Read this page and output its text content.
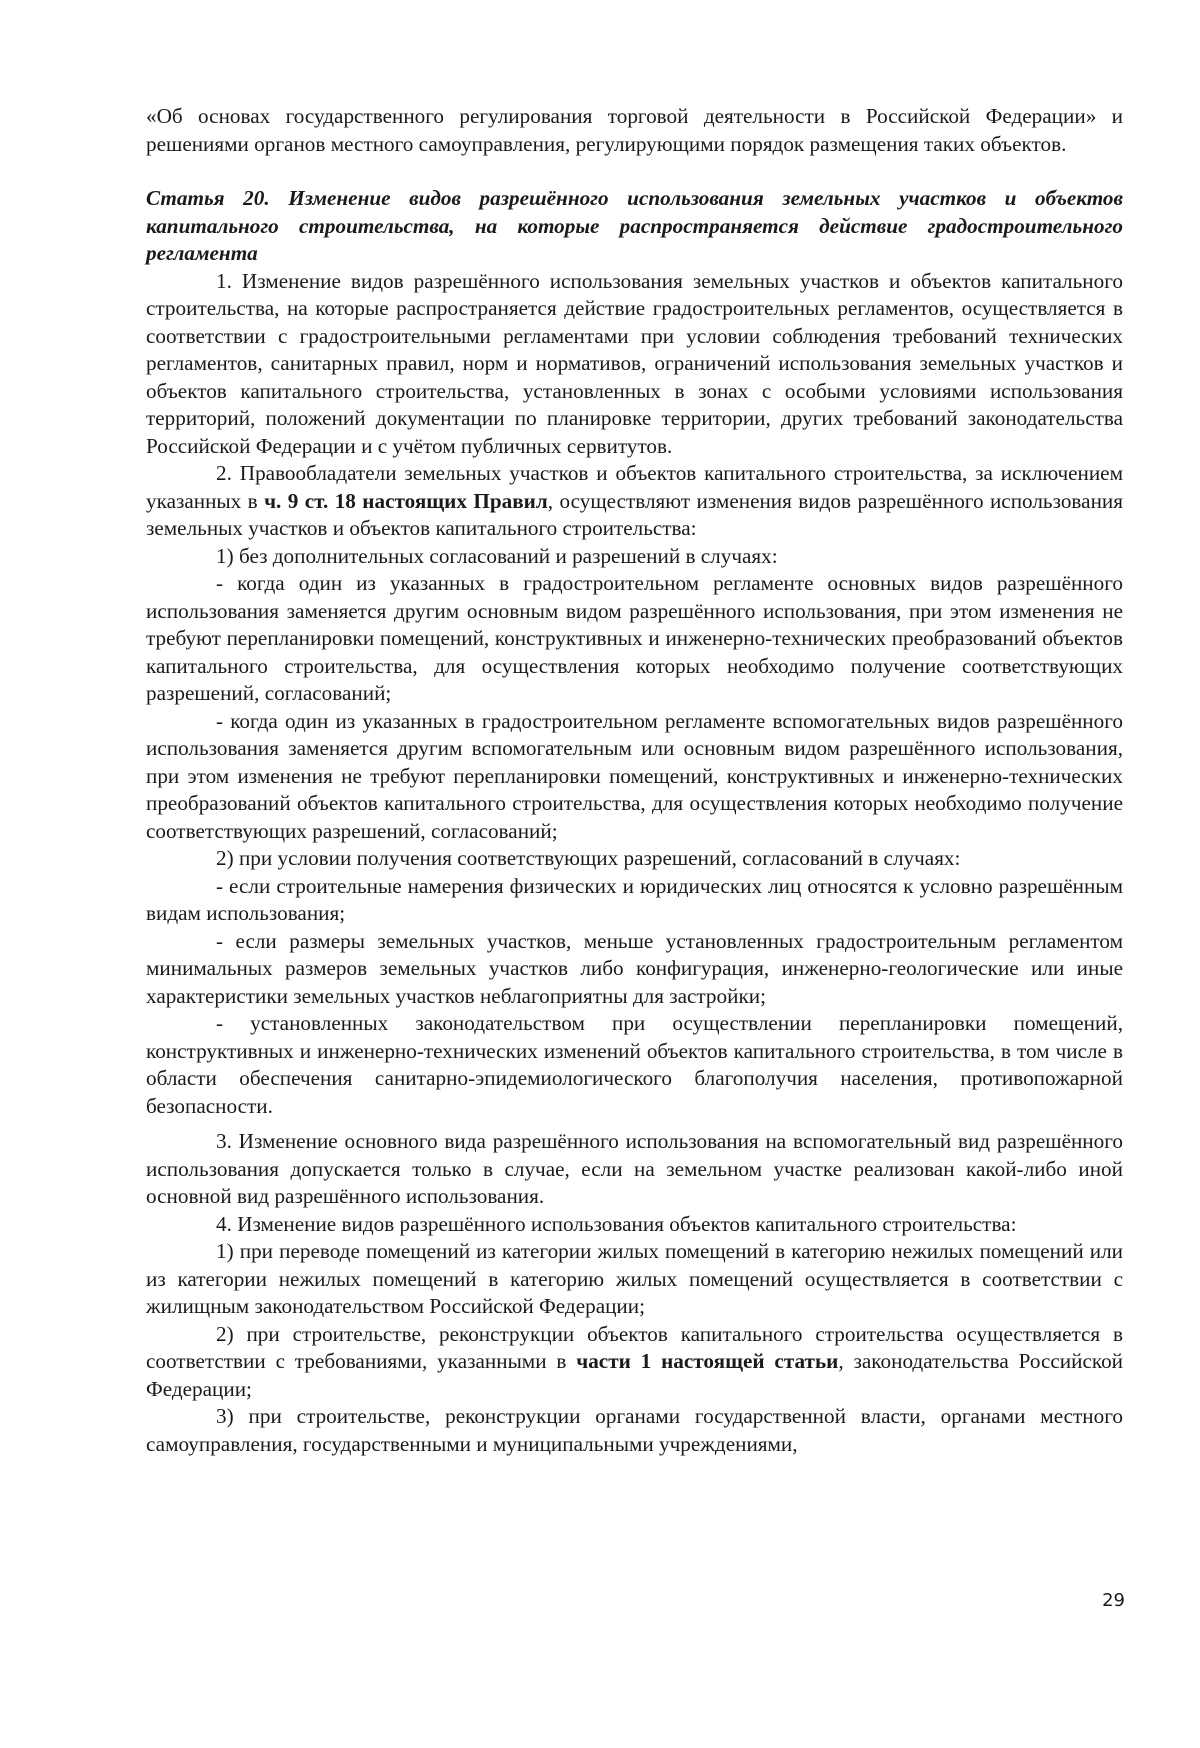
«Об основах государственного регулирования торговой деятельности в Российской Федерации» и решениями органов местного самоуправления, регулирующими порядок размещения таких объектов.

Статья 20. Изменение видов разрешённого использования земельных участков и объектов капитального строительства, на которые распространяется действие градостроительного регламента

1. Изменение видов разрешённого использования земельных участков и объектов капитального строительства, на которые распространяется действие градостроительных регламентов, осуществляется в соответствии с градостроительными регламентами при условии соблюдения требований технических регламентов, санитарных правил, норм и нормативов, ограничений использования земельных участков и объектов капитального строительства, установленных в зонах с особыми условиями использования территорий, положений документации по планировке территории, других требований законодательства Российской Федерации и с учётом публичных сервитутов.

2. Правообладатели земельных участков и объектов капитального строительства, за исключением указанных в ч. 9 ст. 18 настоящих Правил, осуществляют изменения видов разрешённого использования земельных участков и объектов капитального строительства:

1) без дополнительных согласований и разрешений в случаях:

- когда один из указанных в градостроительном регламенте основных видов разрешённого использования заменяется другим основным видом разрешённого использования, при этом изменения не требуют перепланировки помещений, конструктивных и инженерно-технических преобразований объектов капитального строительства, для осуществления которых необходимо получение соответствующих разрешений, согласований;

- когда один из указанных в градостроительном регламенте вспомогательных видов разрешённого использования заменяется другим вспомогательным или основным видом разрешённого использования, при этом изменения не требуют перепланировки помещений, конструктивных и инженерно-технических преобразований объектов капитального строительства, для осуществления которых необходимо получение соответствующих разрешений, согласований;

2) при условии получения соответствующих разрешений, согласований в случаях:

- если строительные намерения физических и юридических лиц относятся к условно разрешённым видам использования;

- если размеры земельных участков, меньше установленных градостроительным регламентом минимальных размеров земельных участков либо конфигурация, инженерно-геологические или иные характеристики земельных участков неблагоприятны для застройки;

- установленных законодательством при осуществлении перепланировки помещений, конструктивных и инженерно-технических изменений объектов капитального строительства, в том числе в области обеспечения санитарно-эпидемиологического благополучия населения, противопожарной безопасности.

3. Изменение основного вида разрешённого использования на вспомогательный вид разрешённого использования допускается только в случае, если на земельном участке реализован какой-либо иной основной вид разрешённого использования.

4. Изменение видов разрешённого использования объектов капитального строительства:

1) при переводе помещений из категории жилых помещений в категорию нежилых помещений или из категории нежилых помещений в категорию жилых помещений осуществляется в соответствии с жилищным законодательством Российской Федерации;

2) при строительстве, реконструкции объектов капитального строительства осуществляется в соответствии с требованиями, указанными в части 1 настоящей статьи, законодательства Российской Федерации;

3) при строительстве, реконструкции органами государственной власти, органами местного самоуправления, государственными и муниципальными учреждениями,

29
